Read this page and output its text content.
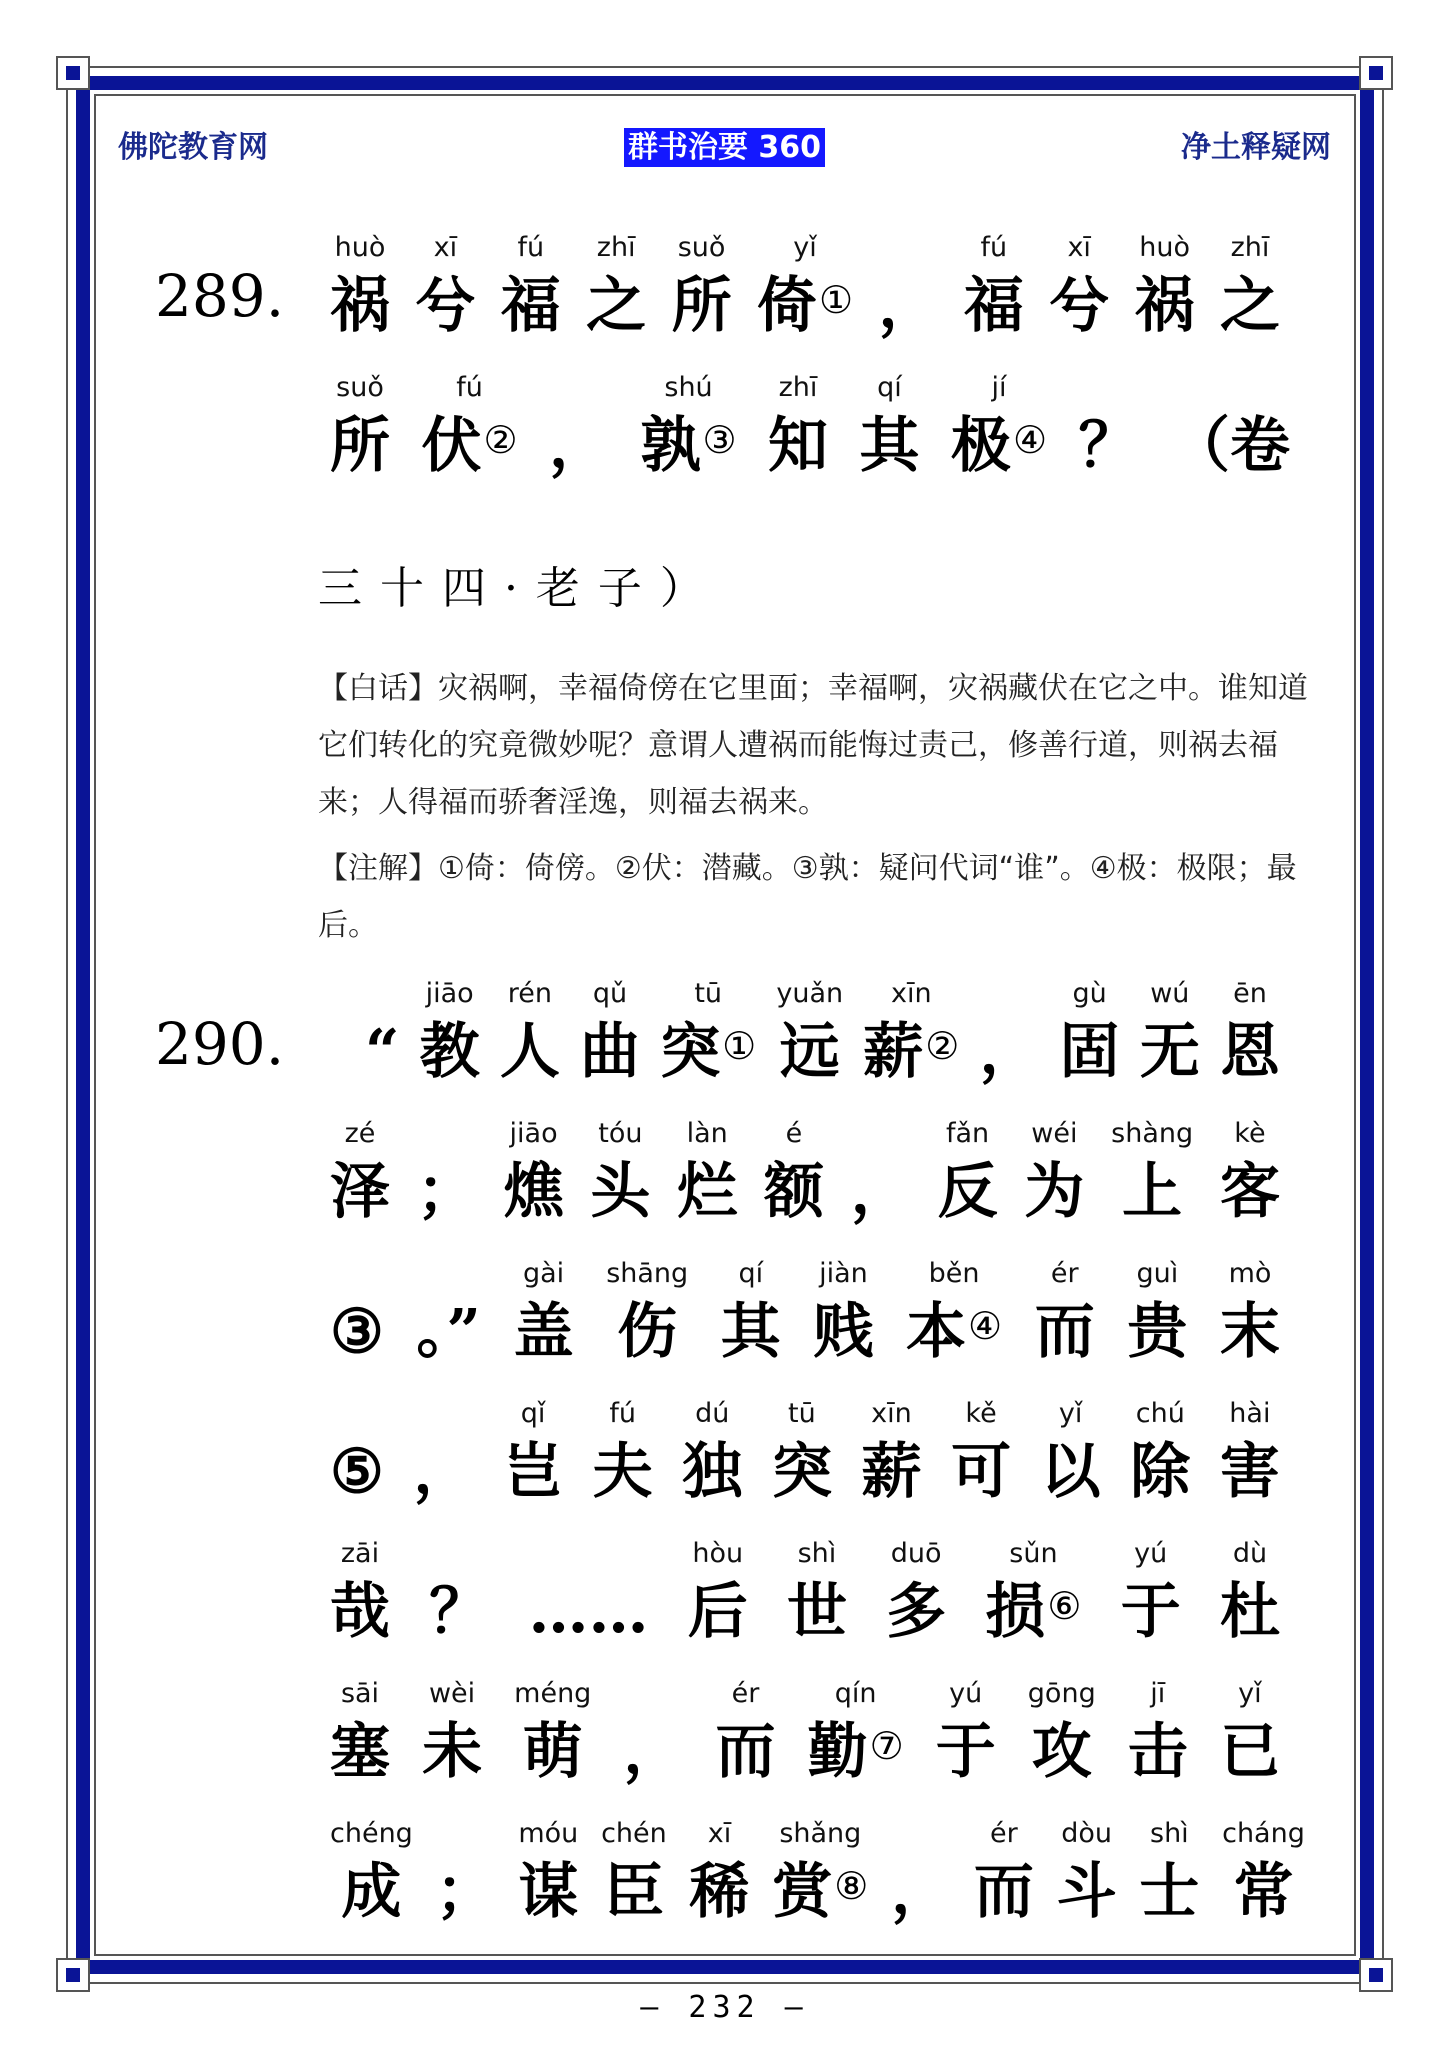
佛陀教育网	群书治要 360	净土释疑网
289.
huò
祸
xī
兮
fú
福
zhī
之
suǒ
所
yǐ
倚① ，
fú
福
xī
兮
huò
祸
zhī
之
suǒ
所
fú
伏② ，
shú
孰③
zhī
知
qí
其
jí
极④ ？ （卷
三 十 四 · 老 子 ）
【白话】灾祸啊，幸福倚傍在它里面；幸福啊，灾祸藏伏在它之中。谁知道它们转化的究竟微妙呢？意谓人遭祸而能悔过责己，修善行道，则祸去福来；人得福而骄奢淫逸，则福去祸来。
【注解】①倚：倚傍。②伏：潜藏。③孰：疑问代词“谁”。④极：极限；最后。
290. “
jiāo
教
rén
人
qǔ
曲
tū
突①
yuǎn
远
xīn
薪② ，
gù
固
wú
无
ēn
恩
zé
泽 ；
jiāo
燋
tóu
头
làn
烂
é
额 ，
fǎn
反
wéi
为
shàng
上
kè
客
③ 。”
gài
盖
shāng
伤
qí
其
jiàn
贱
běn
本④
ér
而
guì
贵
mò
末
⑤ ，
qǐ
岂
fú
夫
dú
独
tū
突
xīn
薪
kě
可
yǐ
以
chú
除
hài
害
zāi
哉 ？ ……
hòu
后
shì
世
duō
多
sǔn
损⑥
yú
于
dù
杜
sāi
塞
wèi
未
méng
萌 ，
ér
而
qín
勤⑦
yú
于
gōng
攻
jī
击
yǐ
已
chéng
成 ；
móu
谋
chén
臣
xī
稀
shǎng
赏⑧ ，
ér
而
dòu
斗
shì
士
cháng
常
– 232 –
